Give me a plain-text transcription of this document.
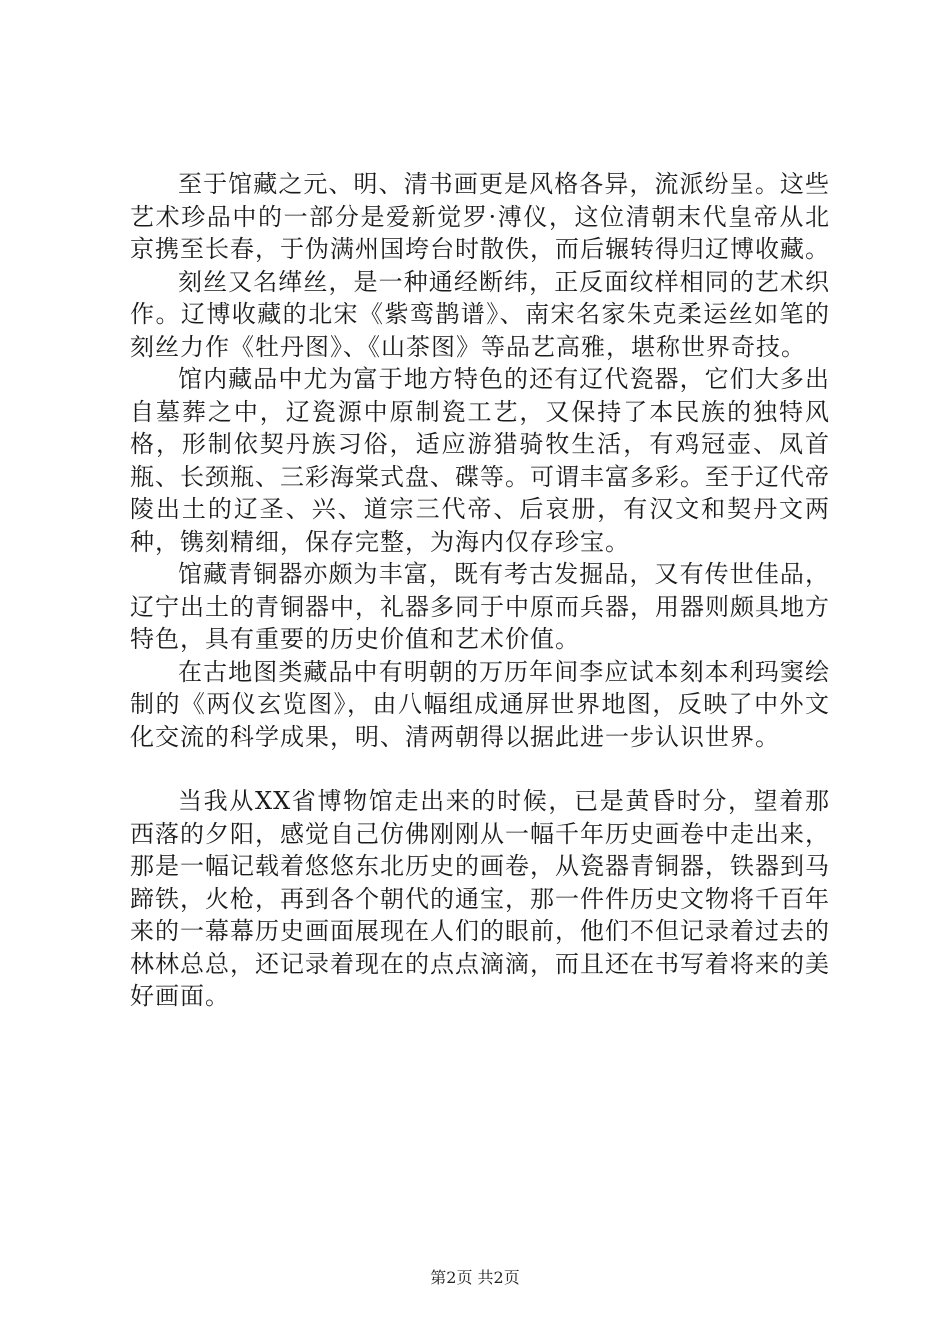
至于馆藏之元、明、清书画更是风格各异，流派纷呈。这些艺术珍品中的一部分是爱新觉罗·溥仪，这位清朝末代皇帝从北京携至长春，于伪满州国垮台时散佚，而后辗转得归辽博收藏。

刻丝又名缂丝，是一种通经断纬，正反面纹样相同的艺术织作。辽博收藏的北宋《紫鸾鹊谱》、南宋名家朱克柔运丝如笔的刻丝力作《牡丹图》、《山茶图》等品艺高雅，堪称世界奇技。

馆内藏品中尤为富于地方特色的还有辽代瓷器，它们大多出自墓葬之中，辽瓷源中原制瓷工艺，又保持了本民族的独特风格，形制依契丹族习俗，适应游猎骑牧生活，有鸡冠壶、凤首瓶、长颈瓶、三彩海棠式盘、碟等。可谓丰富多彩。至于辽代帝陵出土的辽圣、兴、道宗三代帝、后哀册，有汉文和契丹文两种，镌刻精细，保存完整，为海内仅存珍宝。

馆藏青铜器亦颇为丰富，既有考古发掘品，又有传世佳品，辽宁出土的青铜器中，礼器多同于中原而兵器，用器则颇具地方特色，具有重要的历史价值和艺术价值。

在古地图类藏品中有明朝的万历年间李应试本刻本利玛窦绘制的《两仪玄览图》，由八幅组成通屏世界地图，反映了中外文化交流的科学成果，明、清两朝得以据此进一步认识世界。

当我从XX省博物馆走出来的时候，已是黄昏时分，望着那西落的夕阳，感觉自己仿佛刚刚从一幅千年历史画卷中走出来，那是一幅记载着悠悠东北历史的画卷，从瓷器青铜器，铁器到马蹄铁，火枪，再到各个朝代的通宝，那一件件历史文物将千百年来的一幕幕历史画面展现在人们的眼前，他们不但记录着过去的林林总总，还记录着现在的点点滴滴，而且还在书写着将来的美好画面。

第2页 共2页
